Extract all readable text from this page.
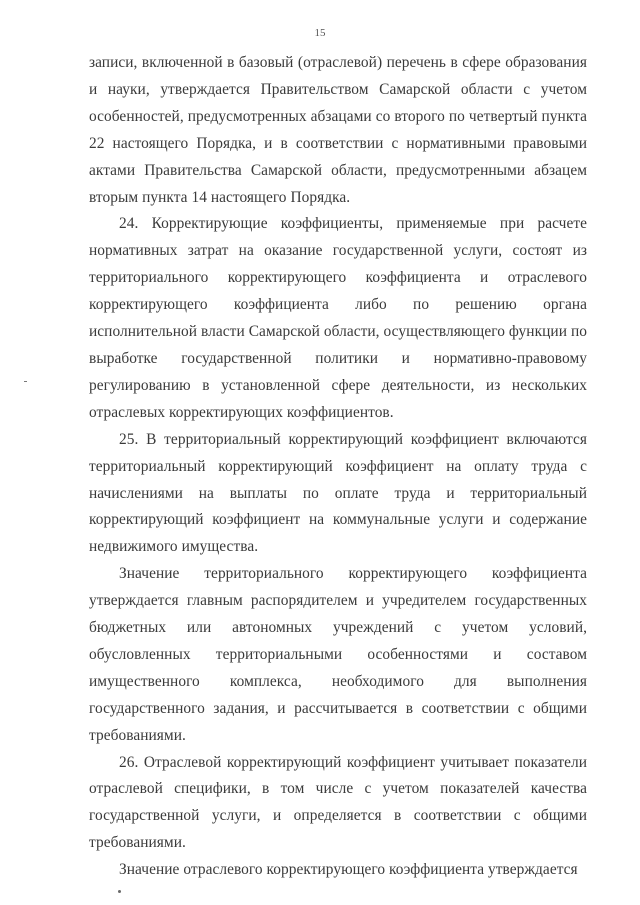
15

записи, включенной в базовый (отраслевой) перечень в сфере образования и науки, утверждается Правительством Самарской области с учетом особенностей, предусмотренных абзацами со второго по четвертый пункта 22 настоящего Порядка, и в соответствии с нормативными правовыми актами Правительства Самарской области, предусмотренными абзацем вторым пункта 14 настоящего Порядка.

24. Корректирующие коэффициенты, применяемые при расчете нормативных затрат на оказание государственной услуги, состоят из территориального корректирующего коэффициента и отраслевого корректирующего коэффициента либо по решению органа исполнительной власти Самарской области, осуществляющего функции по выработке государственной политики и нормативно-правовому регулированию в установленной сфере деятельности, из нескольких отраслевых корректирующих коэффициентов.

25. В территориальный корректирующий коэффициент включаются территориальный корректирующий коэффициент на оплату труда с начислениями на выплаты по оплате труда и территориальный корректирующий коэффициент на коммунальные услуги и содержание недвижимого имущества.

Значение территориального корректирующего коэффициента утверждается главным распорядителем и учредителем государственных бюджетных или автономных учреждений с учетом условий, обусловленных территориальными особенностями и составом имущественного комплекса, необходимого для выполнения государственного задания, и рассчитывается в соответствии с общими требованиями.

26. Отраслевой корректирующий коэффициент учитывает показатели отраслевой специфики, в том числе с учетом показателей качества государственной услуги, и определяется в соответствии с общими требованиями.

Значение отраслевого корректирующего коэффициента утверждается
